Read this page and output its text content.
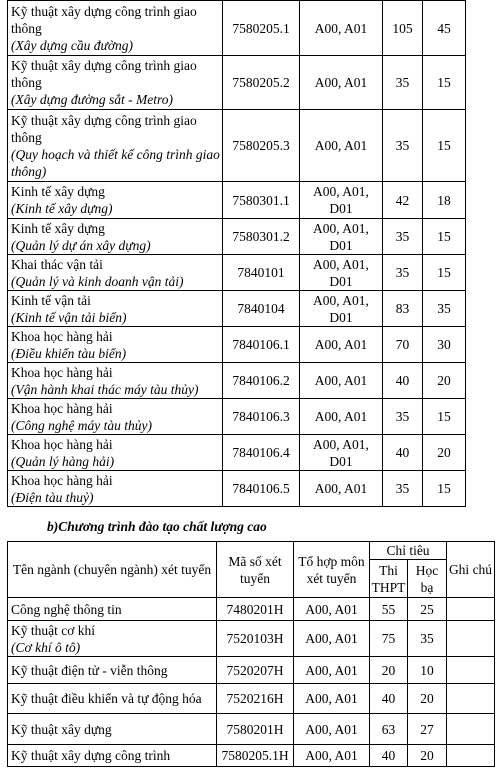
Kỹ thuật xây dựng công trình giao thông
(Xây dựng cầu đường)	7580205.1	A00, A01	105	45

Kỹ thuật xây dựng công trình giao thông
(Xây dựng đường sắt - Metro)	7580205.2	A00, A01	35	15

Kỹ thuật xây dựng công trình giao thông
(Quy hoạch và thiết kế công trình giao thông)	7580205.3	A00, A01	35	15

Kinh tế xây dựng
(Kinh tế xây dựng)	7580301.1	A00, A01, D01	42	18

Kinh tế xây dựng
(Quản lý dự án xây dựng)	7580301.2	A00, A01, D01	35	15

Khai thác vận tải
(Quản lý và kinh doanh vận tải)	7840101	A00, A01, D01	35	15

Kinh tế vận tải
(Kinh tế vận tải biển)	7840104	A00, A01, D01	83	35

Khoa học hàng hải
(Điều khiển tàu biển)	7840106.1	A00, A01	70	30

Khoa học hàng hải
(Vận hành khai thác máy tàu thủy)	7840106.2	A00, A01	40	20

Khoa học hàng hải
(Công nghệ máy tàu thủy)	7840106.3	A00, A01	35	15

Khoa học hàng hải
(Quản lý hàng hải)	7840106.4	A00, A01, D01	40	20

Khoa học hàng hải
(Điện tàu thuỷ)	7840106.5	A00, A01	35	15
b)Chương trình đào tạo chất lượng cao
Tên ngành (chuyên ngành) xét tuyển	Mã số xét tuyển	Tổ hợp môn xét tuyển	Chỉ tiêu		Ghi chú
			Thi THPT	Học bạ	

Công nghệ thông tin	7480201H	A00, A01	55	25	

Kỹ thuật cơ khí
(Cơ khí ô tô)	7520103H	A00, A01	75	35	

Kỹ thuật điện tử - viễn thông	7520207H	A00, A01	20	10	

Kỹ thuật điều khiển và tự động hóa	7520216H	A00, A01	40	20	

Kỹ thuật xây dựng	7580201H	A00, A01	63	27	

Kỹ thuật xây dựng công trình	7580205.1H	A00, A01	40	20	
